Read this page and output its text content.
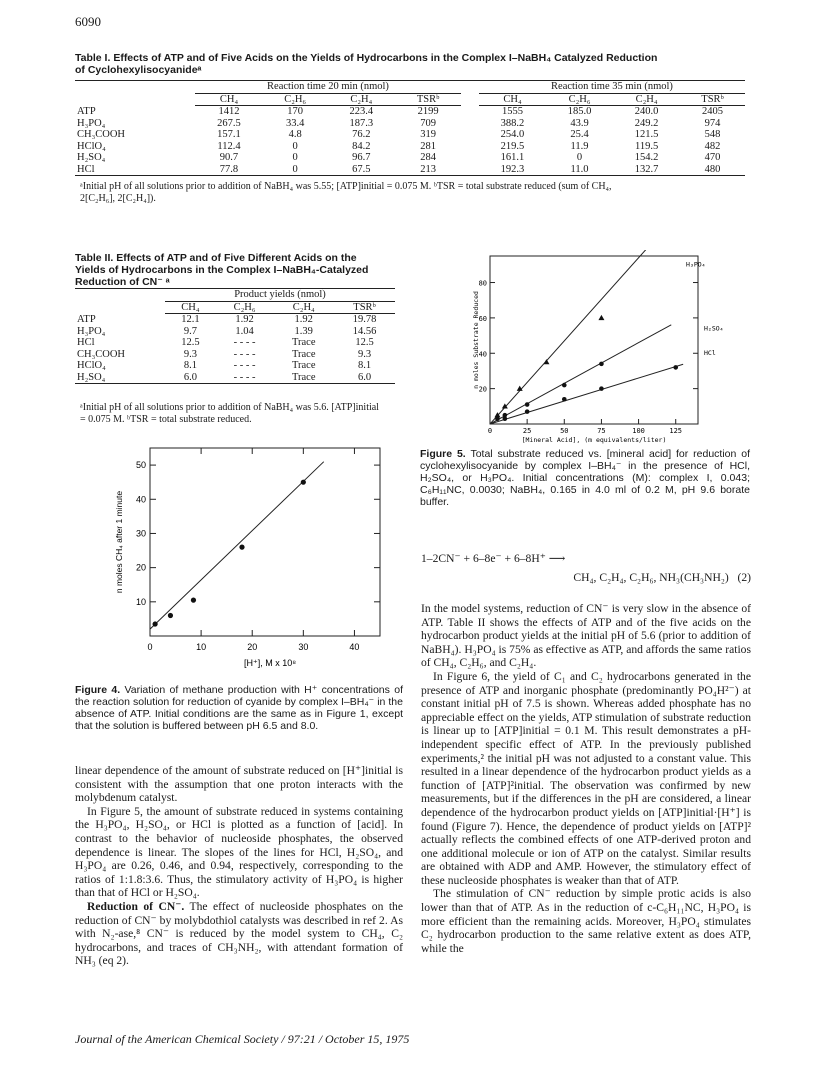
6090
Table I. Effects of ATP and of Five Acids on the Yields of Hydrocarbons in the Complex I–NaBH₄ Catalyzed Reduction of Cyclohexylisocyanideᵃ
	Reaction time 20 min (nmol)					Reaction time 35 min (nmol)			
	CH₄	C₂H₆	C₂H₄	TSRᵇ		CH₄	C₂H₆	C₂H₄	TSRᵇ
ATP	1412	170	223.4	2199		1555	185.0	240.0	2405
H₃PO₄	267.5	33.4	187.3	709		388.2	43.9	249.2	974
CH₃COOH	157.1	4.8	76.2	319		254.0	25.4	121.5	548
HClO₄	112.4	0	84.2	281		219.5	11.9	119.5	482
H₂SO₄	90.7	0	96.7	284		161.1	0	154.2	470
HCl	77.8	0	67.5	213		192.3	11.0	132.7	480
ᵃInitial pH of all solutions prior to addition of NaBH₄ was 5.55; [ATP]initial = 0.075 M. ᵇTSR = total substrate reduced (sum of CH₄,
2[C₂H₆], 2[C₂H₄]).
Table II. Effects of ATP and of Five Different Acids on the Yields of Hydrocarbons in the Complex I–NaBH₄-Catalyzed Reduction of CN⁻ ᵃ
	Product yields (nmol)			
	CH₄	C₂H₆	C₂H₄	TSRᵇ
ATP	12.1	1.92	1.92	19.78
H₃PO₄	9.7	1.04	1.39	14.56
HCl	12.5	- - - -	Trace	12.5
CH₃COOH	9.3	- - - -	Trace	9.3
HClO₄	8.1	- - - -	Trace	8.1
H₂SO₄	6.0	- - - -	Trace	6.0
ᵃInitial pH of all solutions prior to addition of NaBH₄ was 5.6. [ATP]initial = 0.075 M. ᵇTSR = total substrate reduced.
0	10	20	30	40
10
20
30
40
50
[H⁺], M x 10⁸
n moles CH₄ after 1 minute
Figure 4. Variation of methane production with H⁺ concentrations of the reaction solution for reduction of cyanide by complex I–BH₄⁻ in the absence of ATP. Initial conditions are the same as in Figure 1, except that the solution is buffered between pH 6.5 and 8.0.
0	25	50	75	100	125
20
40
60
80
H₃PO₄
H₂SO₄
HCl
[Mineral Acid], (m equivalents/liter)
n moles Substrate Reduced
Figure 5. Total substrate reduced vs. [mineral acid] for reduction of cyclohexylisocyanide by complex I–BH₄⁻ in the presence of HCl, H₂SO₄, or H₃PO₄. Initial concentrations (M): complex I, 0.043; C₆H₁₁NC, 0.0030; NaBH₄, 0.165 in 4.0 ml of 0.2 M, pH 9.6 borate buffer.
1–2CN⁻ + 6–8e⁻ + 6–8H⁺ ⟶
CH₄, C₂H₄, C₂H₆, NH₃(CH₃NH₂) (2)

linear dependence of the amount of substrate reduced on [H⁺]initial is consistent with the assumption that one proton interacts with the molybdenum catalyst.

In Figure 5, the amount of substrate reduced in systems containing the H₃PO₄, H₂SO₄, or HCl is plotted as a function of [acid]. In contrast to the behavior of nucleoside phosphates, the observed dependence is linear. The slopes of the lines for HCl, H₂SO₄, and H₃PO₄ are 0.26, 0.46, and 0.94, respectively, corresponding to the ratios of 1:1.8:3.6. Thus, the stimulatory activity of H₃PO₄ is higher than that of HCl or H₂SO₄.

Reduction of CN⁻. The effect of nucleoside phosphates on the reduction of CN⁻ by molybdothiol catalysts was described in ref 2. As with N₂-ase,⁸ CN⁻ is reduced by the model system to CH₄, C₂ hydrocarbons, and traces of CH₃NH₂, with attendant formation of NH₃ (eq 2).

In the model systems, reduction of CN⁻ is very slow in the absence of ATP. Table II shows the effects of ATP and of the five acids on the hydrocarbon product yields at the initial pH of 5.6 (prior to addition of NaBH₄). H₃PO₄ is 75% as effective as ATP, and affords the same ratios of CH₄, C₂H₆, and C₂H₄.

In Figure 6, the yield of C₁ and C₂ hydrocarbons generated in the presence of ATP and inorganic phosphate (predominantly PO₄H²⁻) at constant initial pH of 7.5 is shown. Whereas added phosphate has no appreciable effect on the yields, ATP stimulation of substrate reduction is linear up to [ATP]initial = 0.1 M. This result demonstrates a pH-independent specific effect of ATP. In the previously published experiments,² the initial pH was not adjusted to a constant value. This resulted in a linear dependence of the hydrocarbon product yields as a function of [ATP]²initial. The observation was confirmed by new measurements, but if the differences in the pH are considered, a linear dependence of the hydrocarbon product yields on [ATP]initial·[H⁺] is found (Figure 7). Hence, the dependence of product yields on [ATP]² actually reflects the combined effects of one ATP-derived proton and one additional molecule or ion of ATP on the catalyst. Similar results are obtained with ADP and AMP. However, the stimulatory effect of these nucleoside phosphates is weaker than that of ATP.

The stimulation of CN⁻ reduction by simple protic acids is also lower than that of ATP. As in the reduction of c-C₆H₁₁NC, H₃PO₄ is more efficient than the remaining acids. Moreover, H₃PO₄ stimulates C₂ hydrocarbon production to the same relative extent as does ATP, while the

Journal of the American Chemical Society / 97:21 / October 15, 1975
